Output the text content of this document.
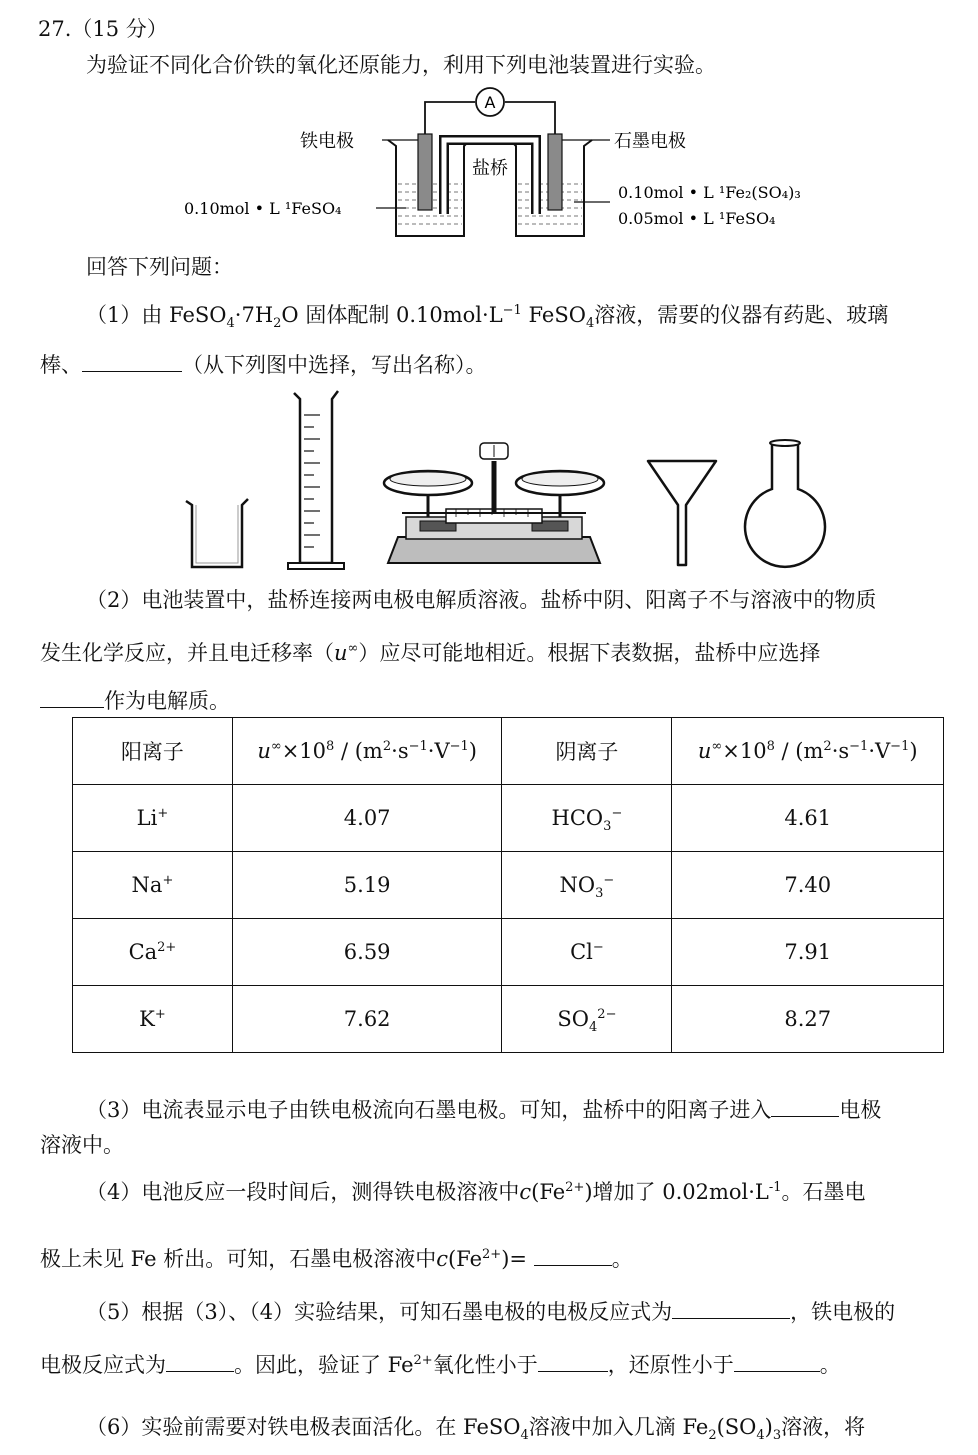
27.（15 分）
为验证不同化合价铁的氧化还原能力，利用下列电池装置进行实验。
A
盐桥
铁电极	石墨电极
0.10mol • L ¹FeSO₄
0.10mol • L ¹Fe₂(SO₄)₃
0.05mol • L ¹FeSO₄
回答下列问题：
（1）由 $FeSO_4\cdot 7H_2O$ 固体配制 $0.10mol\cdot L^{-1}$ FeSO$_4$溶液，需要的仪器有药匙、玻璃
棒、	（从下列图中选择，写出名称）。
（2）电池装置中，盐桥连接两电极电解质溶液。盐桥中阴、阳离子不与溶液中的物质
发生化学反应，并且电迁移率（u∞）应尽可能地相近。根据下表数据，盐桥中应选择
作为电解质。
阳离子	$u^\infty\times 10^8 / (m^2\cdot s^{-1}\cdot V^{-1})$	阴离子	$u^\infty\times 10^8 / (m^2\cdot s^{-1}\cdot V^{-1})$
Li+	4.07	$HCO_3^-$	4.61
Na+	5.19	$NO_3^-$	7.40
$Ca^{2+}$	6.59	Cl−	7.91
K+	7.62	$SO_4^{2-}$	8.27
（3）电流表显示电子由铁电极流向石墨电极。可知，盐桥中的阳离子进入	电极
溶液中。
（4）电池反应一段时间后，测得铁电极溶液中$c(Fe^{2+})$增加了 $0.02mol\cdot L^{-1}$。石墨电
极上未见 Fe 析出。可知，石墨电极溶液中$c(Fe^{2+})=$	。
（5）根据（3）、（4）实验结果，可知石墨电极的电极反应式为	，铁电极的
电极反应式为	。因此，验证了 $Fe^{2+}$氧化性小于	，还原性小于	。
（6）实验前需要对铁电极表面活化。在 FeSO$_4$溶液中加入几滴 $Fe_2(SO_4)_3$溶液，将
